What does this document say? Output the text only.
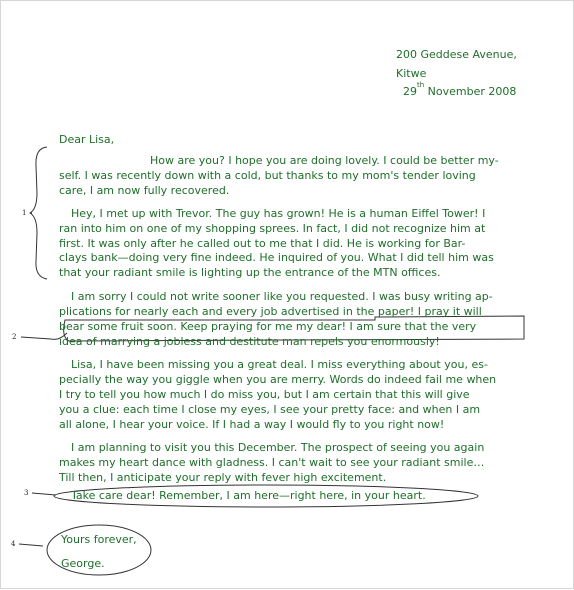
200 Geddese Avenue,
Kitwe
29th November 2008
Dear Lisa,
How are you? I hope you are doing lovely. I could be better my-
self. I was recently down with a cold, but thanks to my mom's tender loving
care, I am now fully recovered.
Hey, I met up with Trevor. The guy has grown! He is a human Eiffel Tower! I
ran into him on one of my shopping sprees. In fact, I did not recognize him at
first. It was only after he called out to me that I did. He is working for Bar-
clays bank—doing very fine indeed. He inquired of you. What I did tell him was
that your radiant smile is lighting up the entrance of the MTN offices.
I am sorry I could not write sooner like you requested. I was busy writing ap-
plications for nearly each and every job advertised in the paper! I pray it will
bear some fruit soon. Keep praying for me my dear! I am sure that the very
idea of marrying a jobless and destitute man repels you enormously!
Lisa, I have been missing you a great deal. I miss everything about you, es-
pecially the way you giggle when you are merry. Words do indeed fail me when
I try to tell you how much I do miss you, but I am certain that this will give
you a clue: each time I close my eyes, I see your pretty face: and when I am
all alone, I hear your voice. If I had a way I would fly to you right now!
I am planning to visit you this December. The prospect of seeing you again
makes my heart dance with gladness. I can't wait to see your radiant smile…
Till then, I anticipate your reply with fever high excitement.
Take care dear! Remember, I am here—right here, in your heart.
Yours forever,
George.
1
2
3
4
